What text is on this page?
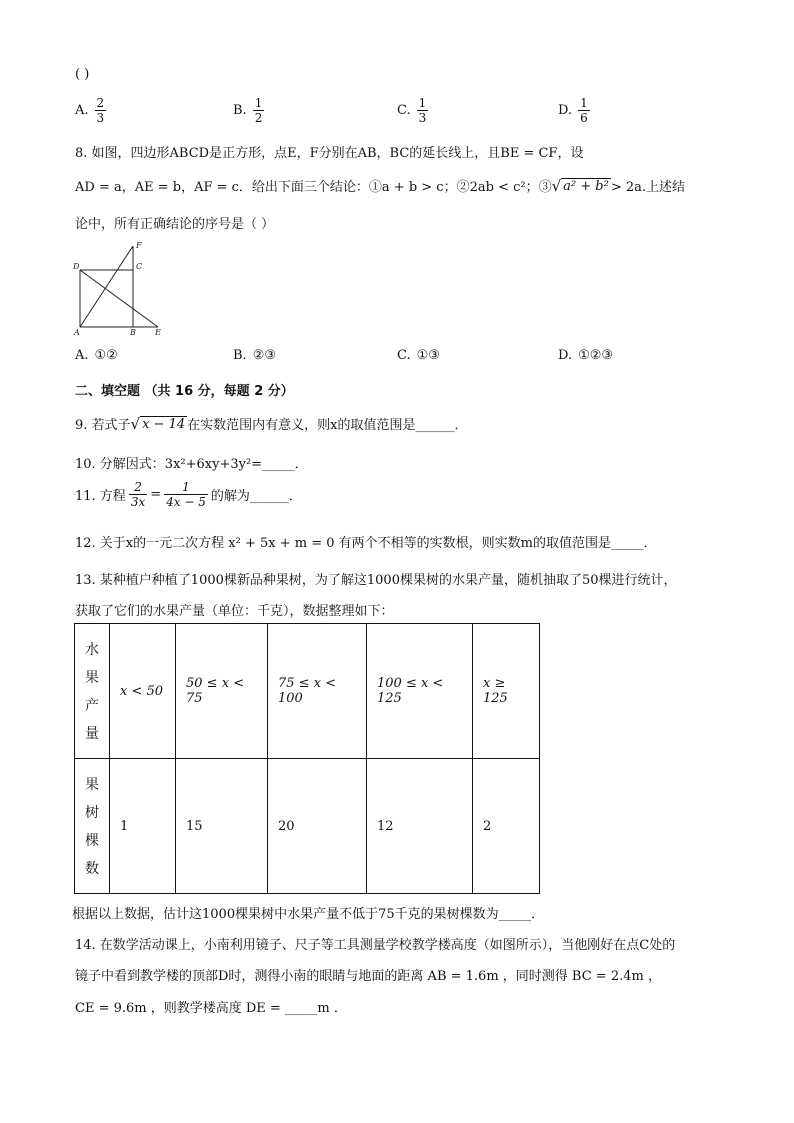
( )
A. $\frac{2}{3}$	B. $\frac{1}{2}$	C. $\frac{1}{3}$	D. $\frac{1}{6}$
8. 如图，四边形ABCD是正方形，点E，F分别在AB，BC的延长线上，且BE = CF，设
AD = a，AE = b，AF = c．给出下面三个结论：①a + b > c；②2ab < c²；③ √ a² + b² > 2a.上述结
论中，所有正确结论的序号是（ ）
D	C
F
A	B E
A. ①②	B. ②③	C. ①③	D. ①②③
二、填空题 （共 16 分，每题 2 分）
9. 若式子 √ x − 14 在实数范围内有意义，则x的取值范围是______．
10. 分解因式：3x²+6xy+3y²=_____．
11. 方程 $\frac{2}{3x} = \frac{1}{4x - 5}$ 的解为______．
12. 关于x的一元二次方程 x² + 5x + m = 0 有两个不相等的实数根，则实数m的取值范围是_____．
13. 某种植户种植了1000棵新品种果树，为了解这1000棵果树的水果产量，随机抽取了50棵进行统计，
获取了它们的水果产量（单位：千克），数据整理如下：
水
果
产
量	x < 50	50 ≤ x < 75	75 ≤ x < 100	100 ≤ x < 125	x ≥ 125

果
树
棵
数	1	15	20	12	2
根据以上数据，估计这1000棵果树中水果产量不低于75千克的果树棵数为_____．
14. 在数学活动课上，小南利用镜子、尺子等工具测量学校教学楼高度（如图所示），当他刚好在点C处的
镜子中看到教学楼的顶部D时，测得小南的眼睛与地面的距离 AB = 1.6m ，同时测得 BC = 2.4m ，
CE = 9.6m ，则教学楼高度 DE = _____m ．
